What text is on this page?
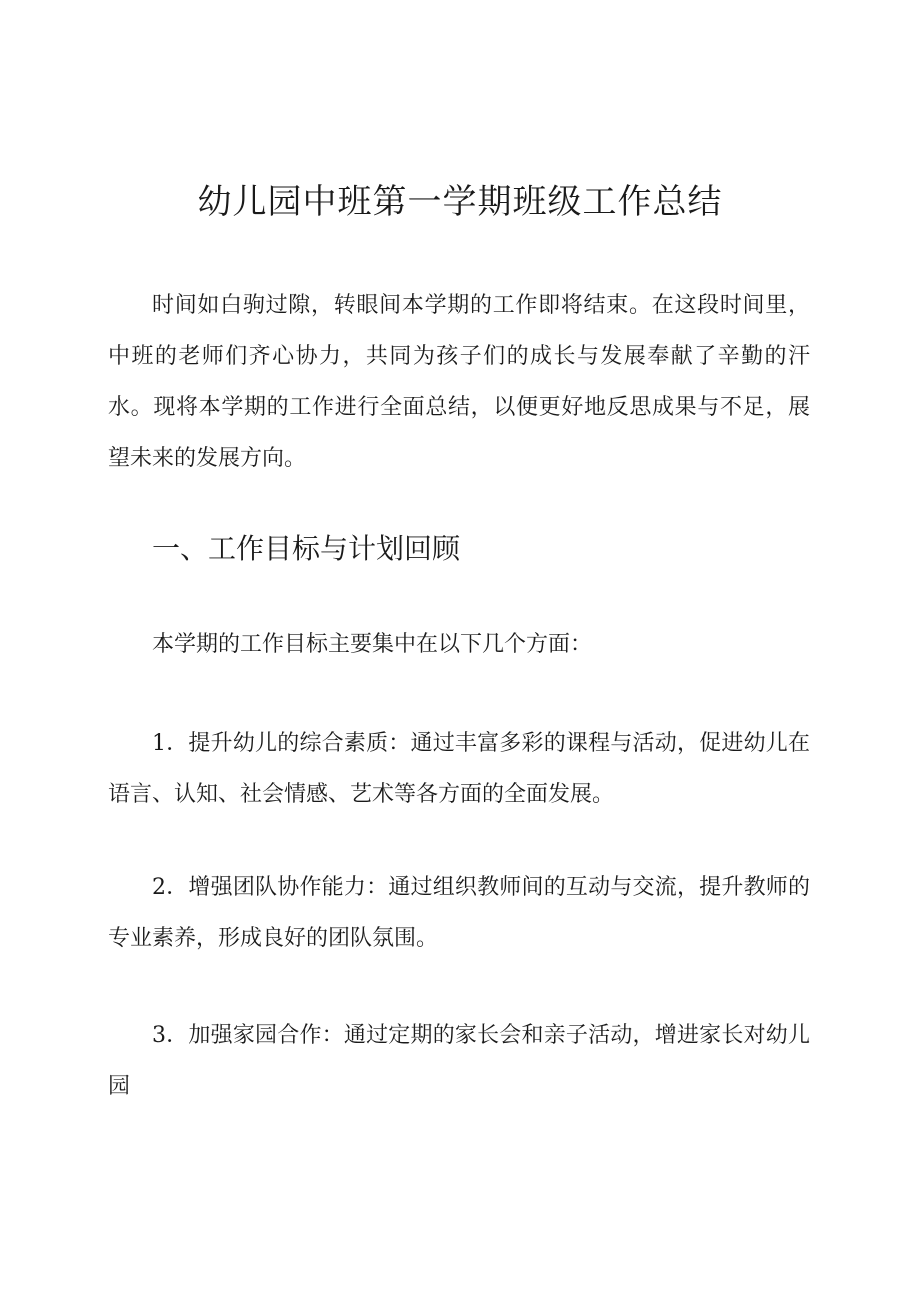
幼儿园中班第一学期班级工作总结

时间如白驹过隙，转眼间本学期的工作即将结束。在这段时间里，中班的老师们齐心协力，共同为孩子们的成长与发展奉献了辛勤的汗水。现将本学期的工作进行全面总结，以便更好地反思成果与不足，展望未来的发展方向。

一、工作目标与计划回顾

本学期的工作目标主要集中在以下几个方面：

1．提升幼儿的综合素质：通过丰富多彩的课程与活动，促进幼儿在语言、认知、社会情感、艺术等各方面的全面发展。

2．增强团队协作能力：通过组织教师间的互动与交流，提升教师的专业素养，形成良好的团队氛围。

3．加强家园合作：通过定期的家长会和亲子活动，增进家长对幼儿园
